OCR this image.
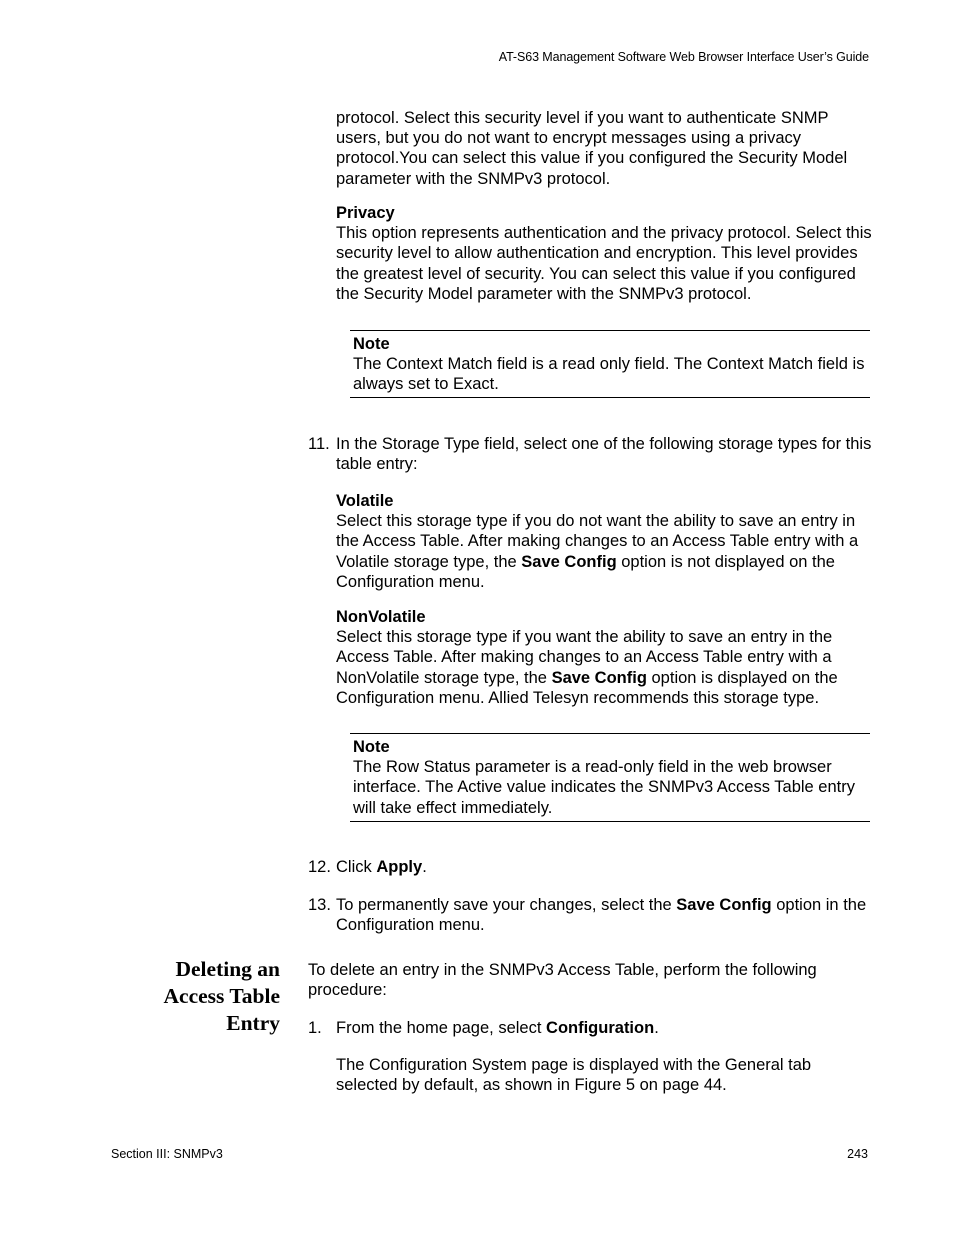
AT-S63 Management Software Web Browser Interface User’s Guide
protocol. Select this security level if you want to authenticate SNMP users, but you do not want to encrypt messages using a privacy protocol.You can select this value if you configured the Security Model parameter with the SNMPv3 protocol.
Privacy
This option represents authentication and the privacy protocol. Select this security level to allow authentication and encryption. This level provides the greatest level of security. You can select this value if you configured the Security Model parameter with the SNMPv3 protocol.
Note
The Context Match field is a read only field. The Context Match field is always set to Exact.
11. In the Storage Type field, select one of the following storage types for this table entry:
Volatile
Select this storage type if you do not want the ability to save an entry in the Access Table. After making changes to an Access Table entry with a Volatile storage type, the Save Config option is not displayed on the Configuration menu.
NonVolatile
Select this storage type if you want the ability to save an entry in the Access Table. After making changes to an Access Table entry with a NonVolatile storage type, the Save Config option is displayed on the Configuration menu. Allied Telesyn recommends this storage type.
Note
The Row Status parameter is a read-only field in the web browser interface. The Active value indicates the SNMPv3 Access Table entry will take effect immediately.
12. Click Apply.
13. To permanently save your changes, select the Save Config option in the Configuration menu.
Deleting an
Access Table
Entry
To delete an entry in the SNMPv3 Access Table, perform the following procedure:
1. From the home page, select Configuration.
The Configuration System page is displayed with the General tab selected by default, as shown in Figure 5 on page 44.
Section III: SNMPv3	243
